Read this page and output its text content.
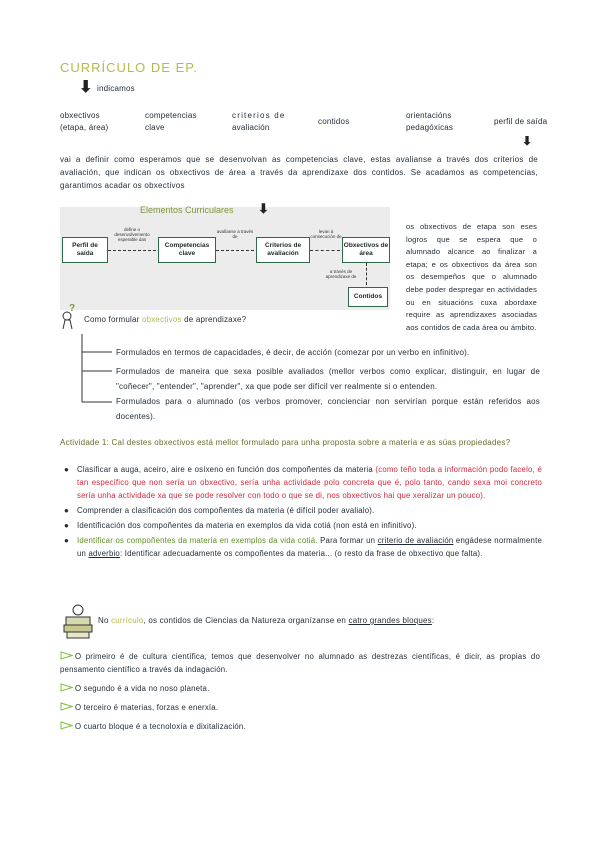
CURRÍCULO DE EP.
⬇ indicamos
obxectivos
(etapa, área)
competencias
clave
criterios de
avaliación
contidos
orientacións
pedagóxicas
perfil de saída
⬇
vai a definir como esperamos que se desenvolvan as competencias clave, estas avalianse a través dos criterios de avaliación, que indican os obxectivos de área a través da aprendizaxe dos contidos. Se acadamos as competencias, garantimos acadar os obxectivos
Elementos Curriculares ⬇
Perfil de saída
Competencias clave
Criterios de avaliación
Obxectivos de área
Contidos
define o desenvolvemento esperable das
avalíanse a través de
levan á consecución de
a través de aprendizaxe de
?
Como formular obxectivos de aprendizaxe?
os obxectivos de etapa son eses logros que se espera que o alumnado alcance ao finalizar a etapa; e os obxectivos da área son os desempeños que o alumnado debe poder despregar en actividades ou en situacións cuxa abordaxe require as aprendizaxes asociadas aos contidos de cada área ou ámbito.
Formulados en termos de capacidades, é decir, de acción (comezar por un verbo en infinitivo).
Formulados de maneira que sexa posible avaliados (mellor verbos como explicar, distinguir, en lugar de "coñecer", "entender", "aprender", xa que pode ser difícil ver realmente si o entenden.
Formulados para o alumnado (os verbos promover, concienciar non servirían porque están referidos aos docentes).
Actividade 1: Cal destes obxectivos está mellor formulado para unha proposta sobre a materia e as súas propiedades?
● Clasificar a auga, aceiro, aire e osíxeno en función dos compoñentes da materia (como teño toda a información podo facelo, é tan específico que non sería un obxectivo, sería unha actividade polo concreta que é, polo tanto, cando sexa moi concreto sería unha actividade xa que se pode resolver con todo o que se di, nos obxectivos hai que xeralizar un pouco).
● Comprender a clasificación dos compoñentes da materia (é difícil poder avalialo).
● Identificación dos compoñentes da materia en exemplos da vida cotiá (non está en infinitivo).
● Identificar os compoñentes da materia en exemplos da vida cotiá. Para formar un criterio de avaliación engádese normalmente un adverbio: Identificar adecuadamente os compoñentes da materia... (o resto da frase de obxectivo que falta).
No currículo, os contidos de Ciencias da Natureza organízanse en catro grandes bloques:
O primeiro é de cultura científica, temos que desenvolver no alumnado as destrezas científicas, é dicir, as propias do pensamento científico a través da indagación.
O segundo é a vida no noso planeta.
O terceiro é materias, forzas e enerxía.
O cuarto bloque é a tecnoloxía e dixitalización.
